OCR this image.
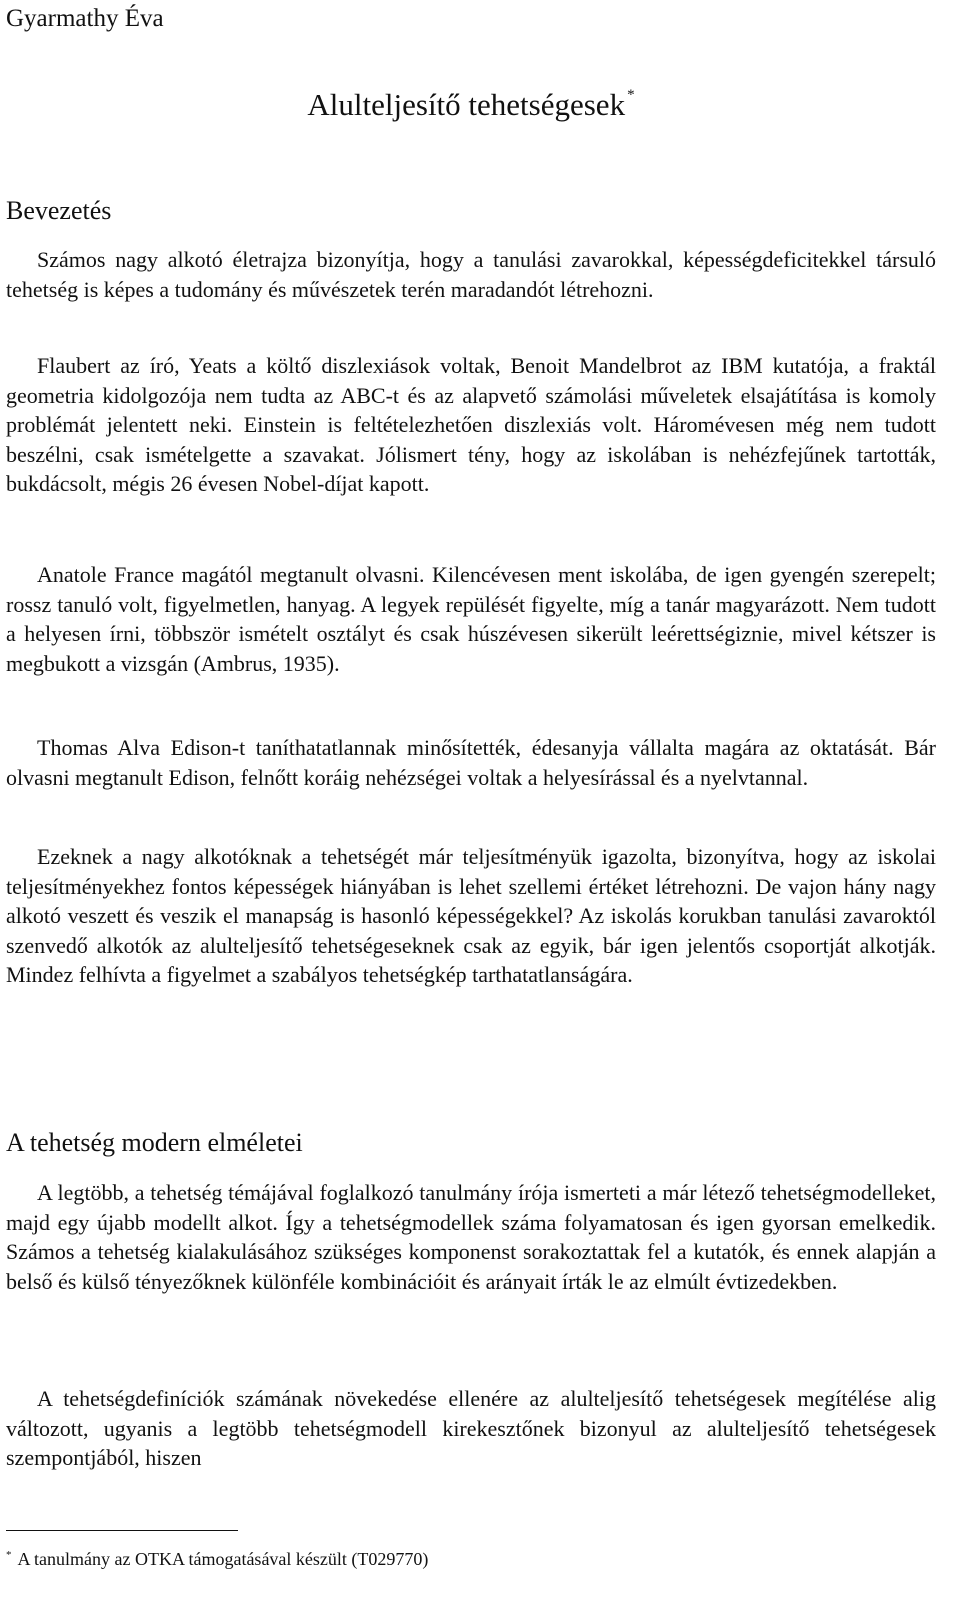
Gyarmathy Éva

Alulteljesítő tehetségesek *
Bevezetés

Számos nagy alkotó életrajza bizonyítja, hogy a tanulási zavarokkal, képességdeficitekkel társuló tehetség is képes a tudomány és művészetek terén maradandót létrehozni.

Flaubert az író, Yeats a költő diszlexiások voltak, Benoit Mandelbrot az IBM kutatója, a fraktál geometria kidolgozója nem tudta az ABC-t és az alapvető számolási műveletek elsajátítása is komoly problémát jelentett neki. Einstein is feltételezhetően diszlexiás volt. Háromévesen még nem tudott beszélni, csak ismételgette a szavakat. Jólismert tény, hogy az iskolában is nehézfejűnek tartották, bukdácsolt, mégis 26 évesen Nobel-díjat kapott.

Anatole France magától megtanult olvasni. Kilencévesen ment iskolába, de igen gyengén szerepelt; rossz tanuló volt, figyelmetlen, hanyag. A legyek repülését figyelte, míg a tanár magyarázott. Nem tudott a helyesen írni, többször ismételt osztályt és csak húszévesen sikerült leérettségiznie, mivel kétszer is megbukott a vizsgán (Ambrus, 1935).

Thomas Alva Edison-t taníthatatlannak minősítették, édesanyja vállalta magára az oktatását. Bár olvasni megtanult Edison, felnőtt koráig nehézségei voltak a helyesírással és a nyelvtannal.

Ezeknek a nagy alkotóknak a tehetségét már teljesítményük igazolta, bizonyítva, hogy az iskolai teljesítményekhez fontos képességek hiányában is lehet szellemi értéket létrehozni. De vajon hány nagy alkotó veszett és veszik el manapság is hasonló képességekkel? Az iskolás korukban tanulási zavaroktól szenvedő alkotók az alulteljesítő tehetségeseknek csak az egyik, bár igen jelentős csoportját alkotják. Mindez felhívta a figyelmet a szabályos tehetségkép tarthatatlanságára.

A tehetség modern elméletei

A legtöbb, a tehetség témájával foglalkozó tanulmány írója ismerteti a már létező tehetségmodelleket, majd egy újabb modellt alkot. Így a tehetségmodellek száma folyamatosan és igen gyorsan emelkedik. Számos a tehetség kialakulásához szükséges komponenst sorakoztattak fel a kutatók, és ennek alapján a belső és külső tényezőknek különféle kombinációit és arányait írták le az elmúlt évtizedekben.

A tehetségdefiníciók számának növekedése ellenére az alulteljesítő tehetségesek megítélése alig változott, ugyanis a legtöbb tehetségmodell kirekesztőnek bizonyul az alulteljesítő tehetségesek szempontjából, hiszen

* A tanulmány az OTKA támogatásával készült (T029770)
